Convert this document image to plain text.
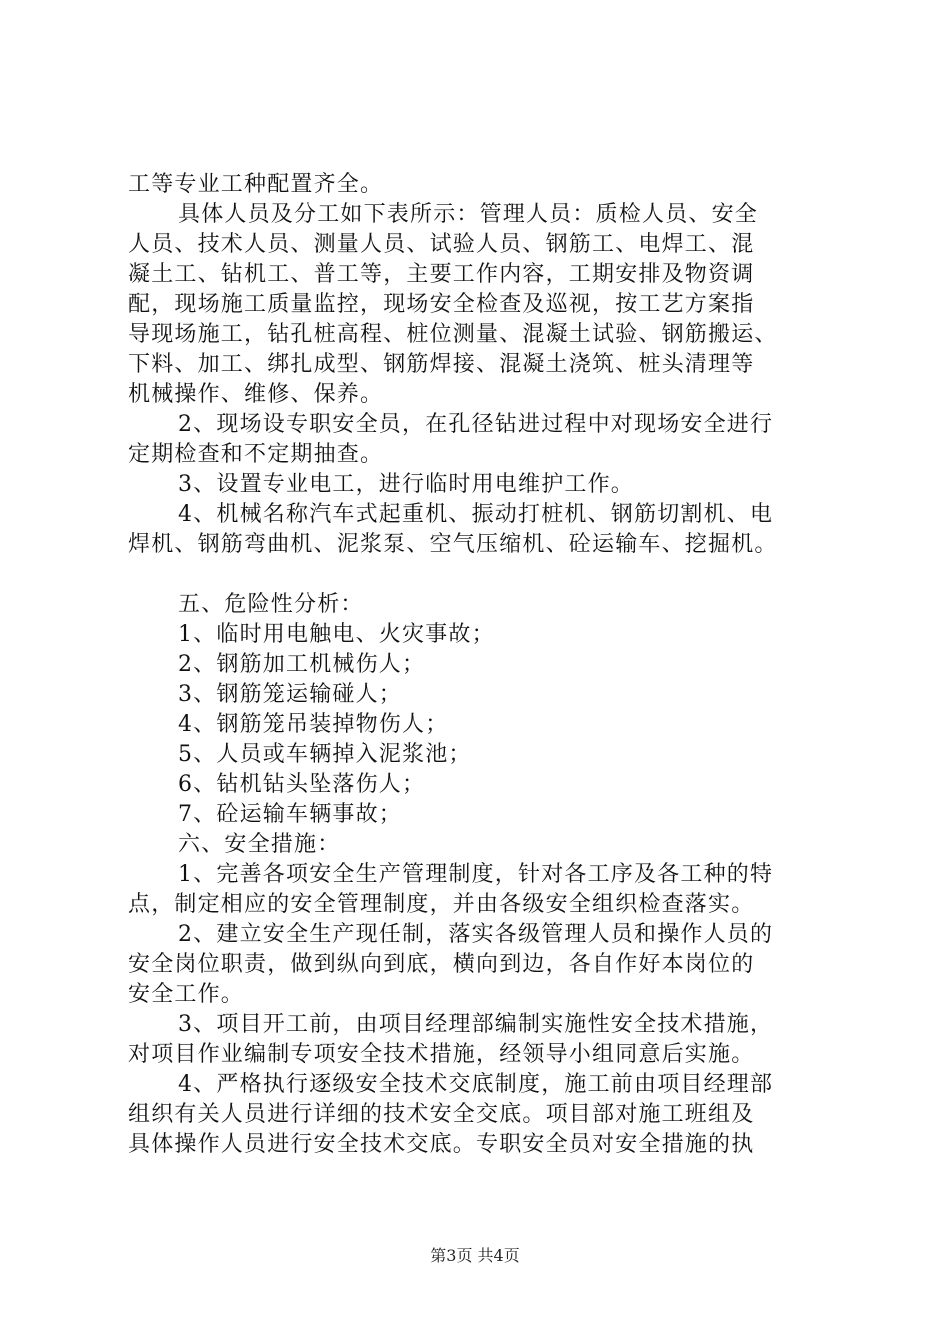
工等专业工种配置齐全。
具体人员及分工如下表所示：管理人员：质检人员、安全
人员、技术人员、测量人员、试验人员、钢筋工、电焊工、混
凝土工、钻机工、普工等，主要工作内容，工期安排及物资调
配，现场施工质量监控，现场安全检查及巡视，按工艺方案指
导现场施工，钻孔桩高程、桩位测量、混凝土试验、钢筋搬运、
下料、加工、绑扎成型、钢筋焊接、混凝土浇筑、桩头清理等
机械操作、维修、保养。
2、现场设专职安全员，在孔径钻进过程中对现场安全进行
定期检查和不定期抽查。
3、设置专业电工，进行临时用电维护工作。
4、机械名称汽车式起重机、振动打桩机、钢筋切割机、电
焊机、钢筋弯曲机、泥浆泵、空气压缩机、砼运输车、挖掘机。
五、危险性分析：
1、临时用电触电、火灾事故；
2、钢筋加工机械伤人；
3、钢筋笼运输碰人；
4、钢筋笼吊装掉物伤人；
5、人员或车辆掉入泥浆池；
6、钻机钻头坠落伤人；
7、砼运输车辆事故；
六、安全措施：
1、完善各项安全生产管理制度，针对各工序及各工种的特
点，制定相应的安全管理制度，并由各级安全组织检查落实。
2、建立安全生产现任制，落实各级管理人员和操作人员的
安全岗位职责，做到纵向到底，横向到边，各自作好本岗位的
安全工作。
3、项目开工前，由项目经理部编制实施性安全技术措施，
对项目作业编制专项安全技术措施，经领导小组同意后实施。
4、严格执行逐级安全技术交底制度，施工前由项目经理部
组织有关人员进行详细的技术安全交底。项目部对施工班组及
具体操作人员进行安全技术交底。专职安全员对安全措施的执
第3页 共4页
